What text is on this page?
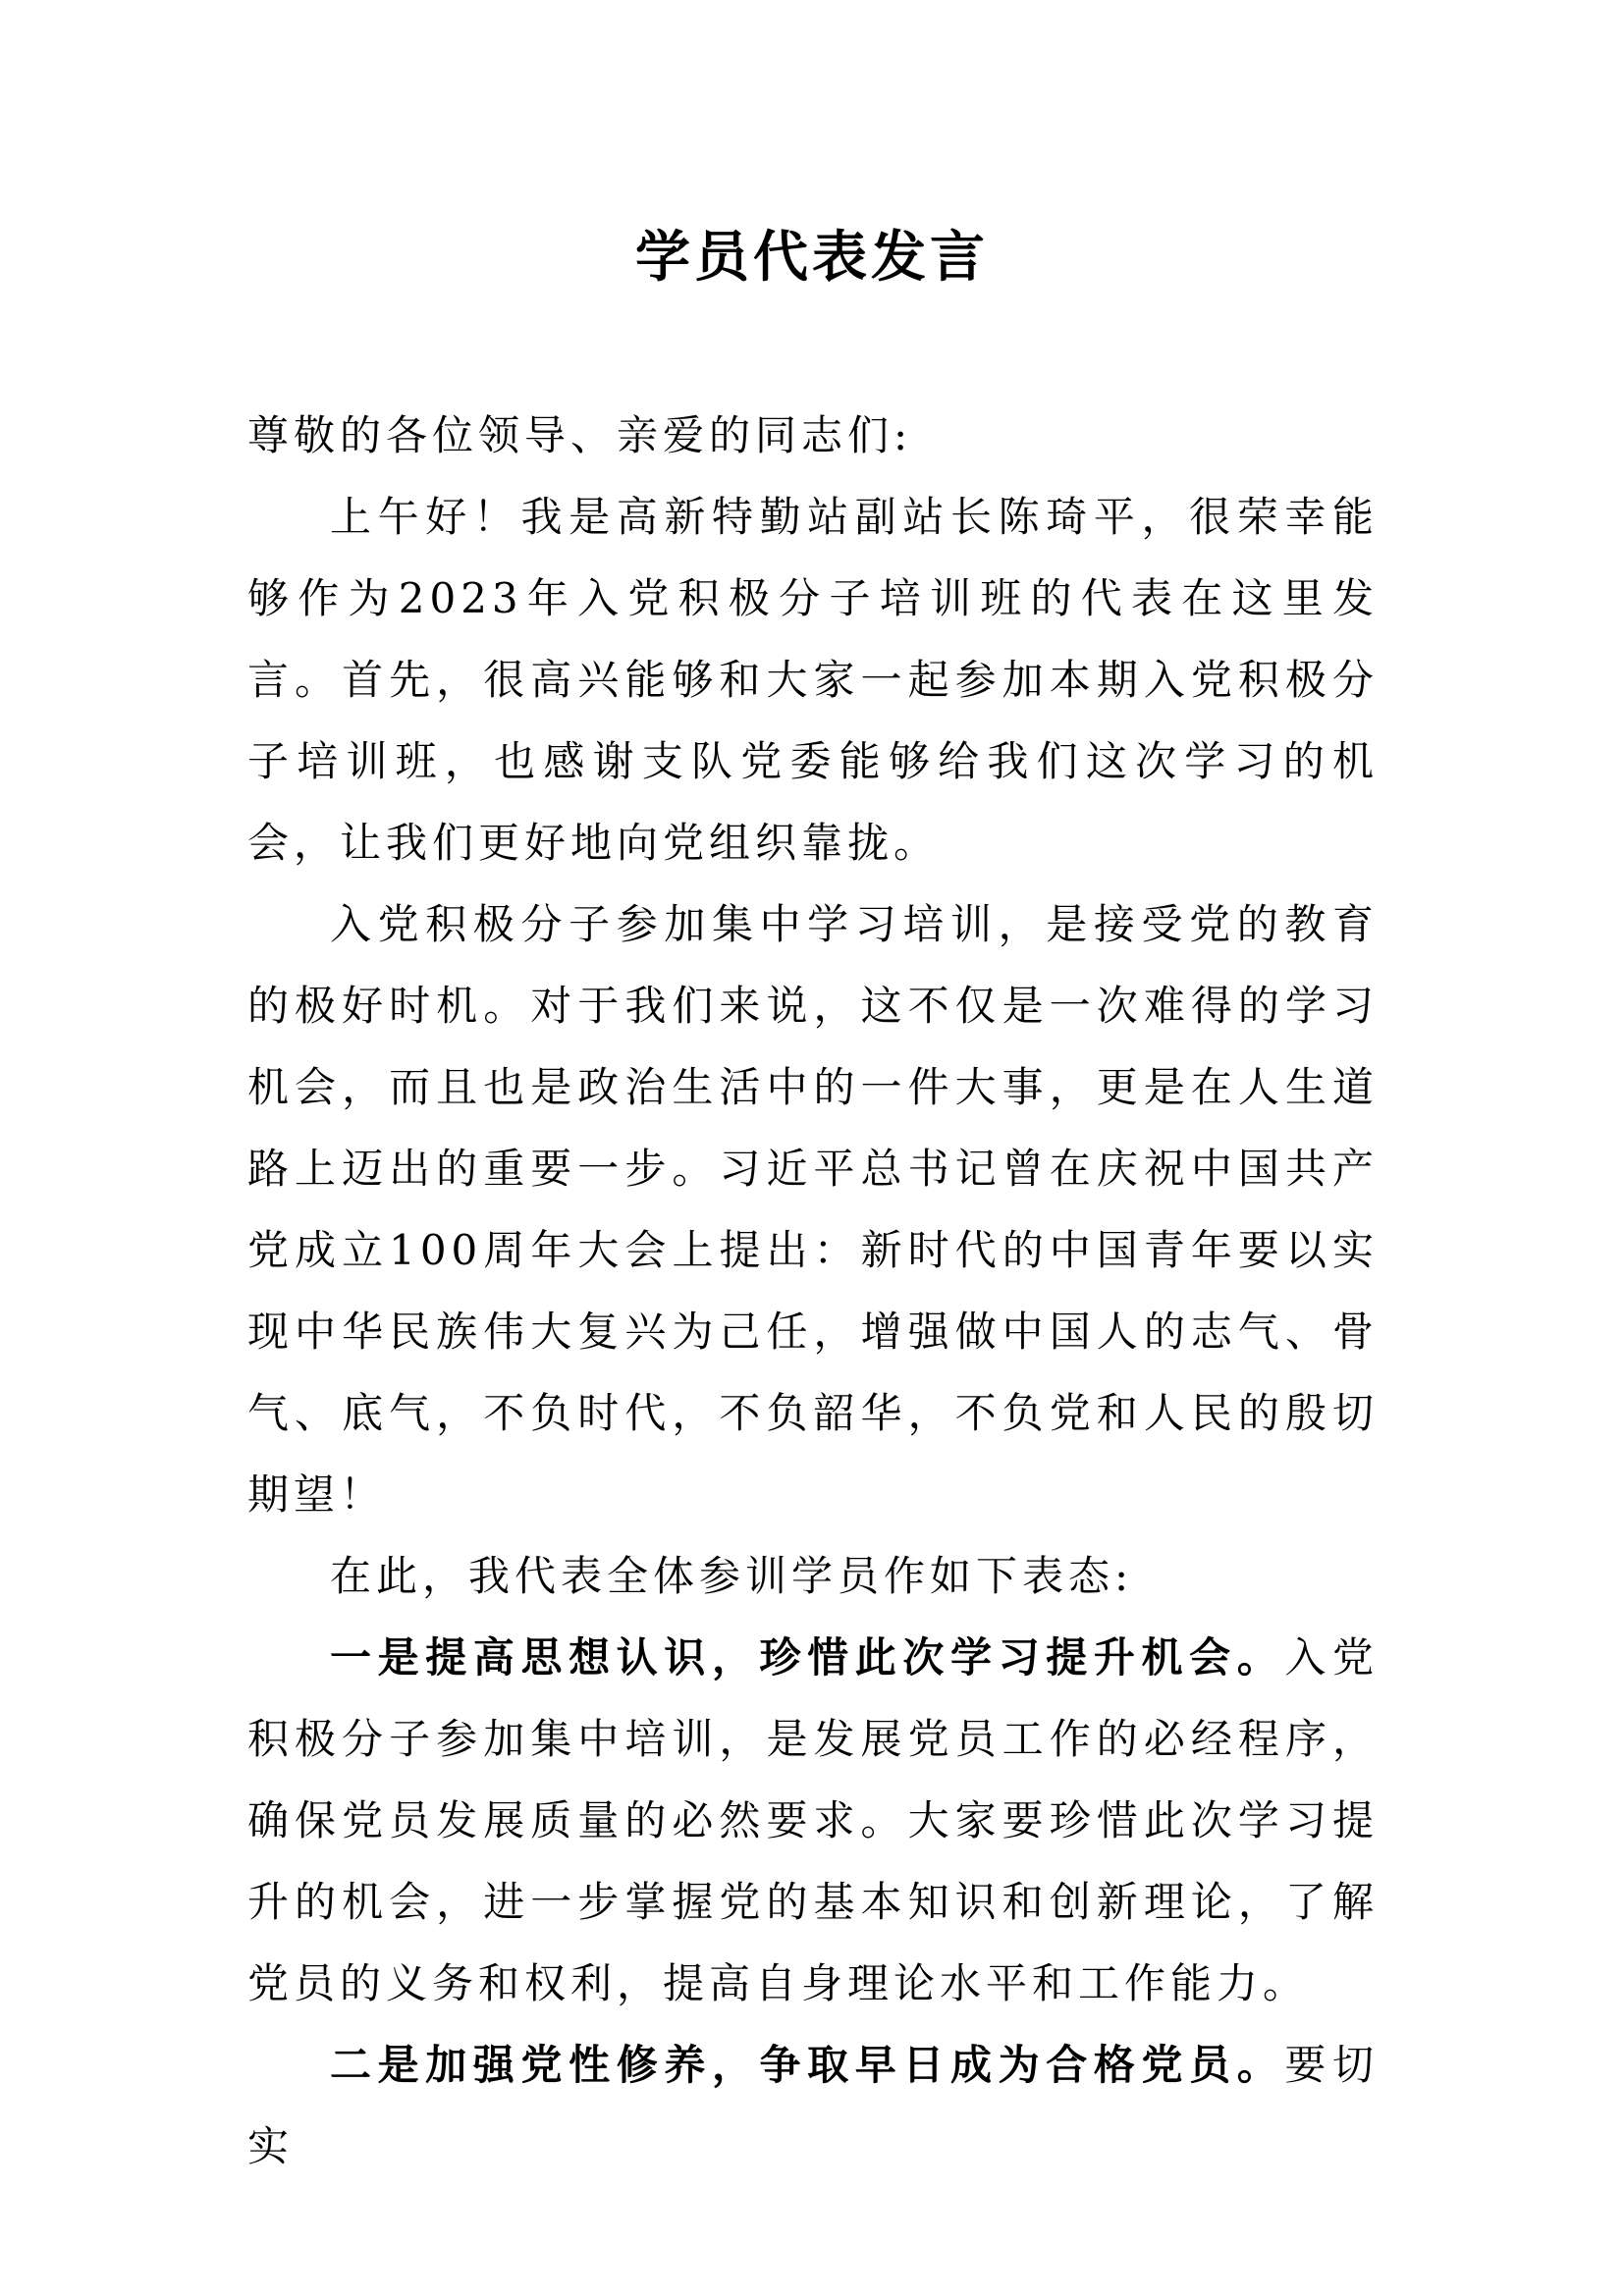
学员代表发言
尊敬的各位领导、亲爱的同志们:

上午好！我是高新特勤站副站长陈琦平，很荣幸能够作为2023年入党积极分子培训班的代表在这里发言。首先，很高兴能够和大家一起参加本期入党积极分子培训班，也感谢支队党委能够给我们这次学习的机会，让我们更好地向党组织靠拢。

入党积极分子参加集中学习培训，是接受党的教育的极好时机。对于我们来说，这不仅是一次难得的学习机会，而且也是政治生活中的一件大事，更是在人生道路上迈出的重要一步。习近平总书记曾在庆祝中国共产党成立100周年大会上提出：新时代的中国青年要以实现中华民族伟大复兴为己任，增强做中国人的志气、骨气、底气，不负时代，不负韶华，不负党和人民的殷切期望！

在此，我代表全体参训学员作如下表态:

一是提高思想认识，珍惜此次学习提升机会。入党积极分子参加集中培训，是发展党员工作的必经程序，确保党员发展质量的必然要求。大家要珍惜此次学习提升的机会，进一步掌握党的基本知识和创新理论，了解党员的义务和权利，提高自身理论水平和工作能力。

二是加强党性修养，争取早日成为合格党员。要切实
